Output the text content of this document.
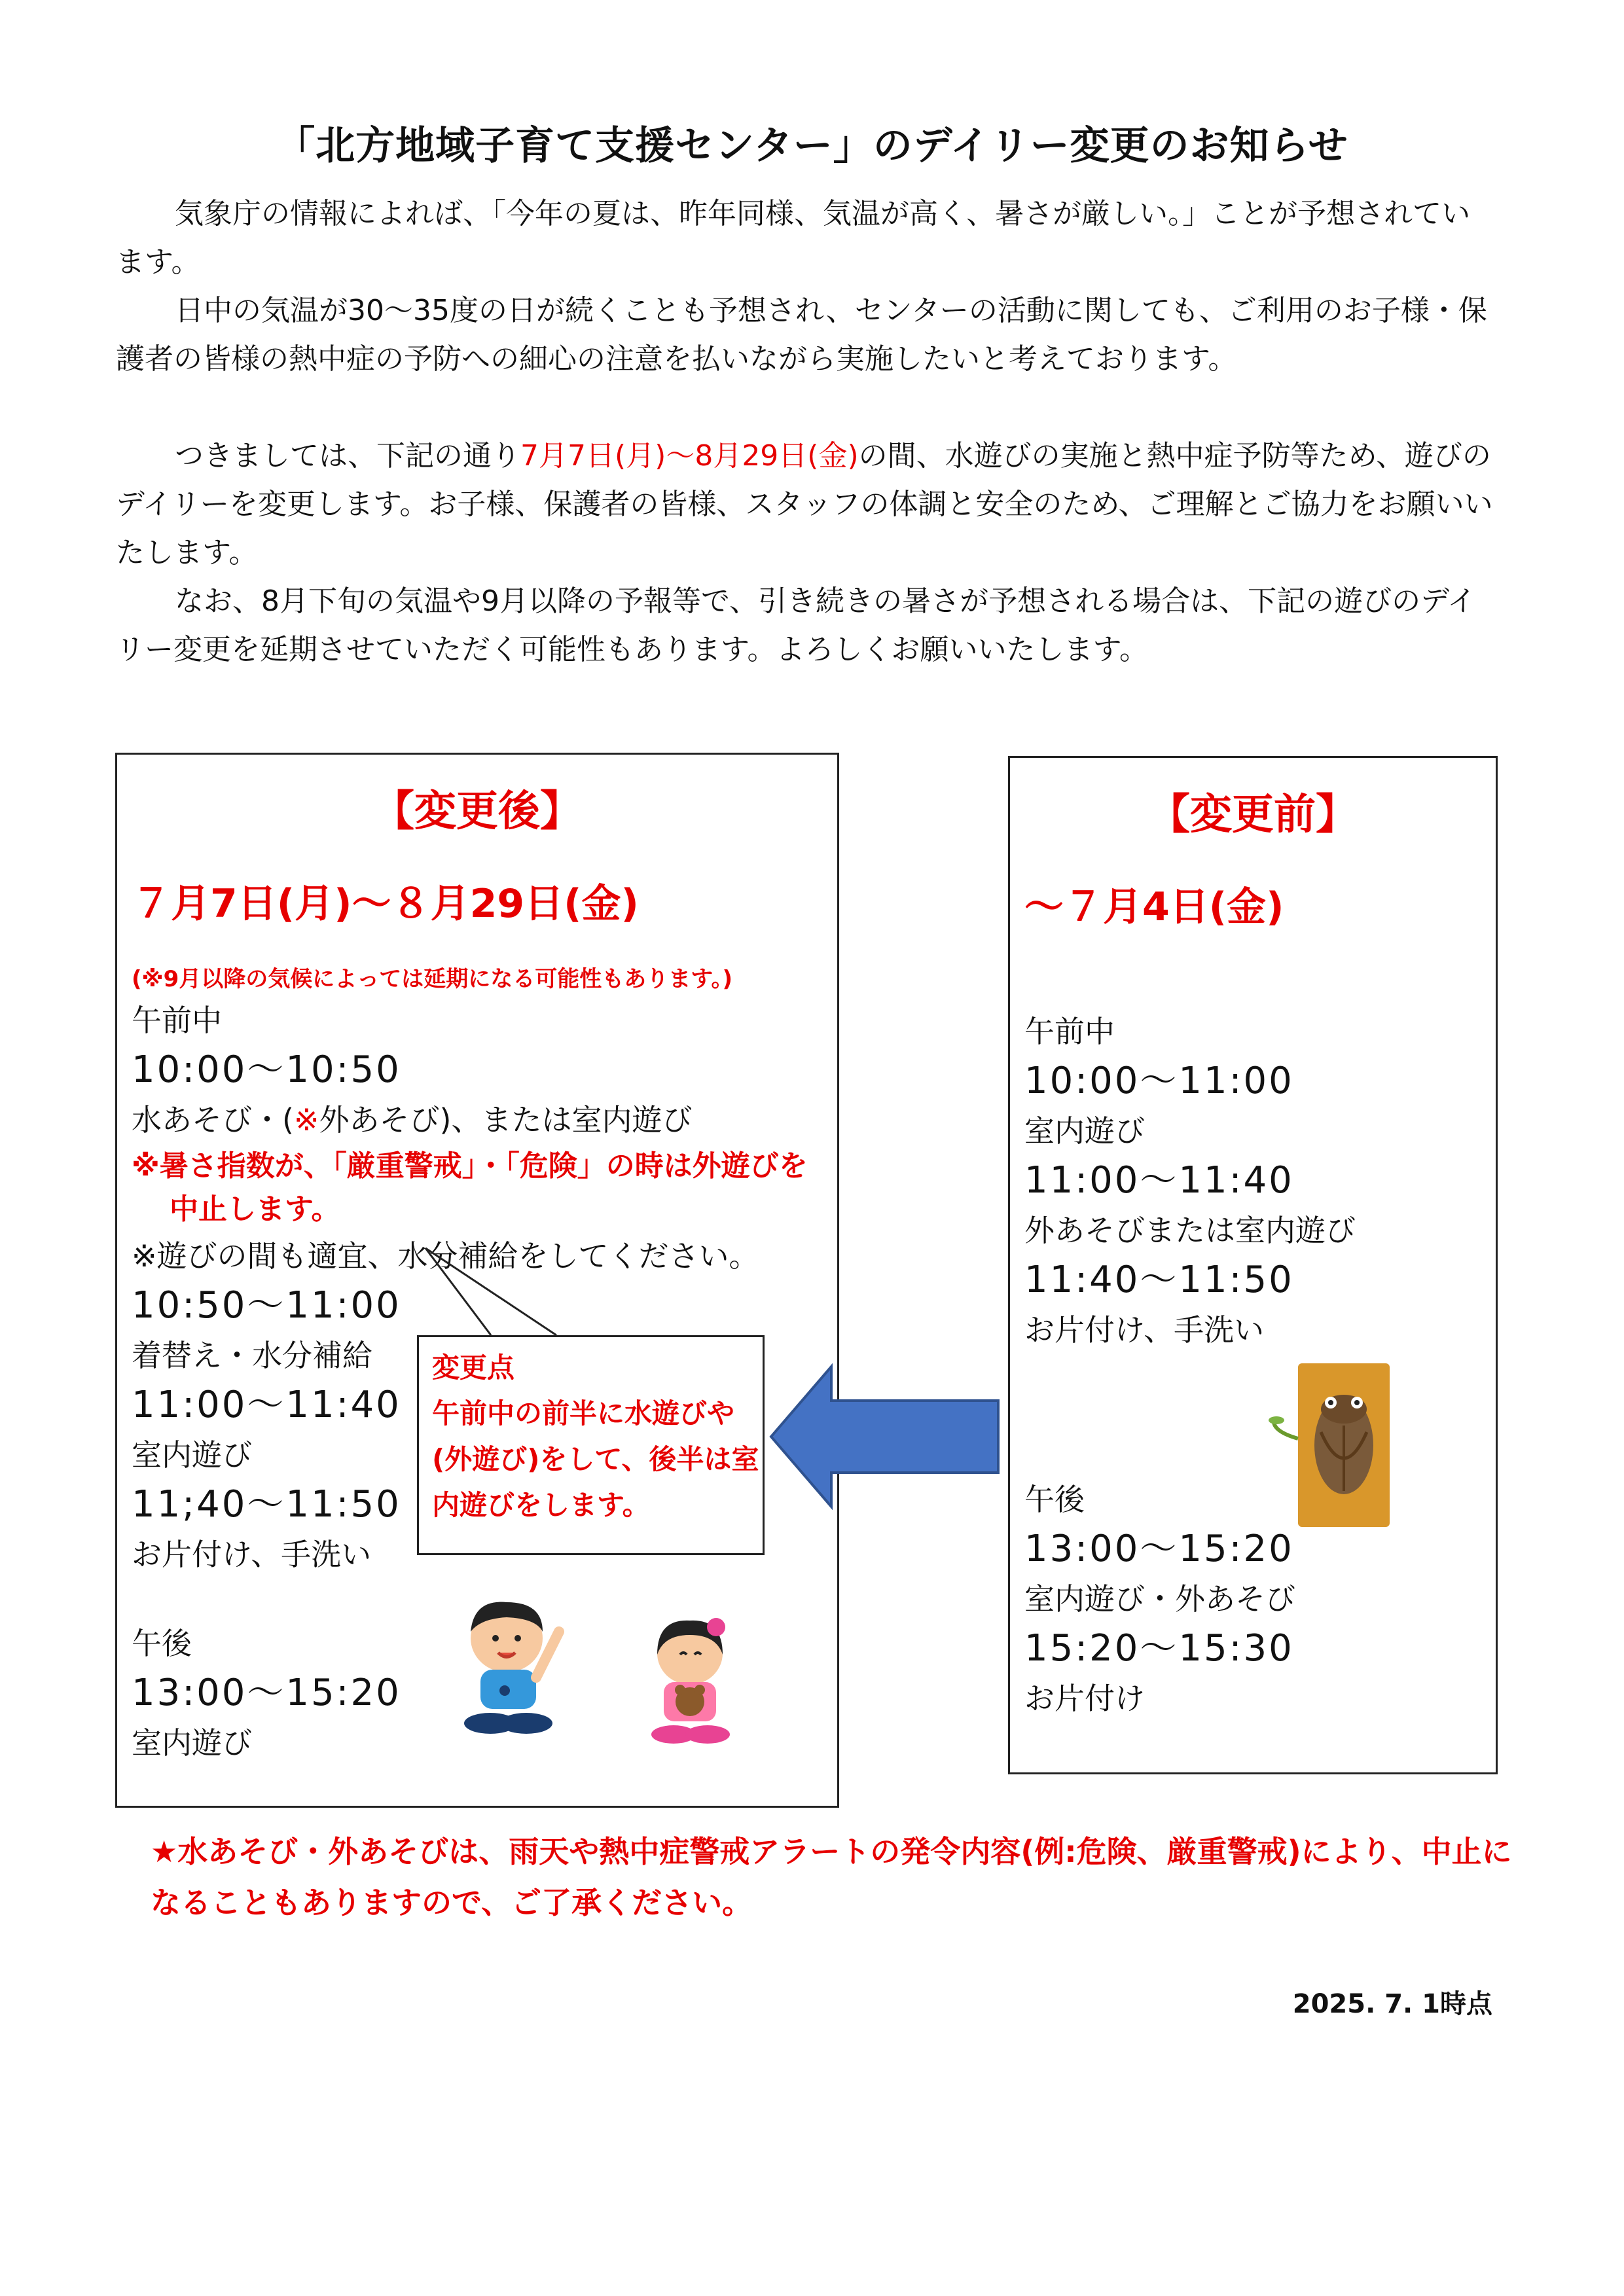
「北方地域子育て支援センター」のデイリー変更のお知らせ

気象庁の情報によれば、「今年の夏は、昨年同様、気温が高く、暑さが厳しい。」ことが予想されています。

日中の気温が30～35度の日が続くことも予想され、センターの活動に関しても、ご利用のお子様・保護者の皆様の熱中症の予防への細心の注意を払いながら実施したいと考えております。

つきましては、下記の通り7月7日(月)～8月29日(金)の間、水遊びの実施と熱中症予防等ため、遊びのデイリーを変更します。お子様、保護者の皆様、スタッフの体調と安全のため、ご理解とご協力をお願いいたします。

なお、8月下旬の気温や9月以降の予報等で、引き続きの暑さが予想される場合は、下記の遊びのデイリー変更を延期させていただく可能性もあります。よろしくお願いいたします。

【変更後】
７月7日(月)～８月29日(金)
(※9月以降の気候によっては延期になる可能性もあります。)
午前中
10:00～10:50
水あそび・(※外あそび)、または室内遊び
※暑さ指数が、「厳重警戒」・「危険」の時は外遊びを
中止します。
※遊びの間も適宜、水分補給をしてください。
10:50～11:00
着替え・水分補給
11:00～11:40
室内遊び
11;40～11:50
お片付け、手洗い
午後
13:00～15:20
室内遊び
変更点
午前中の前半に水遊びや(外遊び)をして、後半は室内遊びをします。
【変更前】
～７月4日(金)
午前中
10:00～11:00
室内遊び
11:00～11:40
外あそびまたは室内遊び
11:40～11:50
お片付け、手洗い
午後
13:00～15:20
室内遊び・外あそび
15:20～15:30
お片付け
★水あそび・外あそびは、雨天や熱中症警戒アラートの発令内容(例:危険、厳重警戒)により、中止になることもありますので、ご了承ください。
2025. 7. 1時点
